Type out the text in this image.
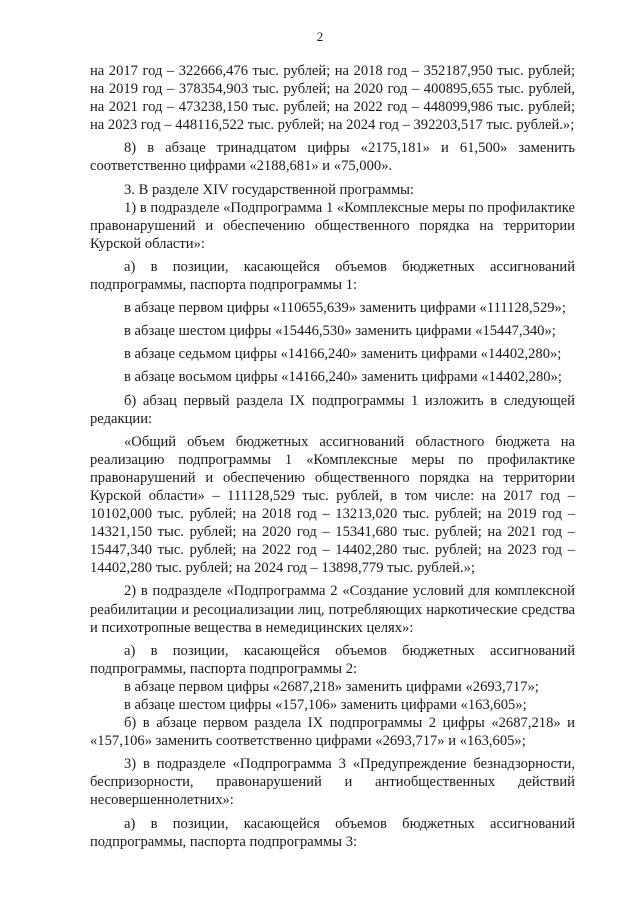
2

на 2017 год – 322666,476 тыс. рублей; на 2018 год – 352187,950 тыс. рублей; на 2019 год – 378354,903 тыс. рублей; на 2020 год – 400895,655 тыс. рублей, на 2021 год – 473238,150 тыс. рублей; на 2022 год – 448099,986 тыс. рублей; на 2023 год – 448116,522 тыс. рублей; на 2024 год – 392203,517 тыс. рублей.»;

8) в абзаце тринадцатом цифры «2175,181» и 61,500» заменить соответственно цифрами «2188,681» и «75,000».

3. В разделе XIV государственной программы:

1) в подразделе «Подпрограмма 1 «Комплексные меры по профилактике правонарушений и обеспечению общественного порядка на территории Курской области»:

а) в позиции, касающейся объемов бюджетных ассигнований подпрограммы, паспорта подпрограммы 1:

в абзаце первом цифры «110655,639» заменить цифрами «111128,529»;

в абзаце шестом цифры «15446,530» заменить цифрами «15447,340»;

в абзаце седьмом цифры «14166,240» заменить цифрами «14402,280»;

в абзаце восьмом цифры «14166,240» заменить цифрами «14402,280»;

б) абзац первый раздела IX подпрограммы 1 изложить в следующей редакции:

«Общий объем бюджетных ассигнований областного бюджета на реализацию подпрограммы 1 «Комплексные меры по профилактике правонарушений и обеспечению общественного порядка на территории Курской области» – 111128,529 тыс. рублей, в том числе: на 2017 год – 10102,000 тыс. рублей; на 2018 год – 13213,020 тыс. рублей; на 2019 год – 14321,150 тыс. рублей; на 2020 год – 15341,680 тыс. рублей; на 2021 год – 15447,340 тыс. рублей; на 2022 год – 14402,280 тыс. рублей; на 2023 год – 14402,280 тыс. рублей; на 2024 год – 13898,779 тыс. рублей.»;

2) в подразделе «Подпрограмма 2 «Создание условий для комплексной реабилитации и ресоциализации лиц, потребляющих наркотические средства и психотропные вещества в немедицинских целях»:

а) в позиции, касающейся объемов бюджетных ассигнований подпрограммы, паспорта подпрограммы 2:

в абзаце первом цифры «2687,218» заменить цифрами «2693,717»;

в абзаце шестом цифры «157,106» заменить цифрами «163,605»;

б) в абзаце первом раздела IX подпрограммы 2 цифры «2687,218» и «157,106» заменить соответственно цифрами «2693,717» и «163,605»;

3) в подразделе «Подпрограмма 3 «Предупреждение безнадзорности, беспризорности, правонарушений и антиобщественных действий несовершеннолетних»:

а) в позиции, касающейся объемов бюджетных ассигнований подпрограммы, паспорта подпрограммы 3:
